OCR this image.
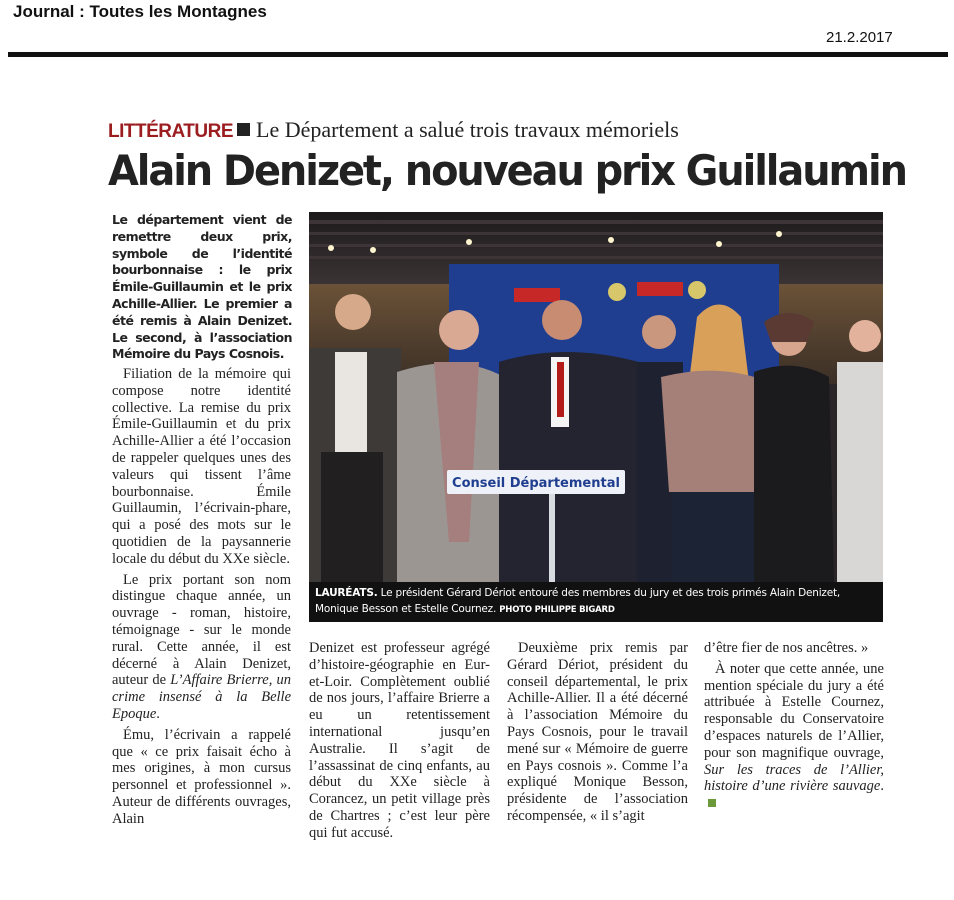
Journal : Toutes les Montagnes
21.2.2017
LITTÉRATURE Le Département a salué trois travaux mémoriels
Alain Denizet, nouveau prix Guillaumin
Le département vient de remettre deux prix, symbole de l’identité bourbonnaise : le prix Émile-Guillaumin et le prix Achille-Allier. Le premier a été remis à Alain Denizet. Le second, à l’association Mémoire du Pays Cosnois.
Conseil Départemental
LAURÉATS. Le président Gérard Dériot entouré des membres du jury et des trois primés Alain Denizet, Monique Besson et Estelle Cournez. PHOTO PHILIPPE BIGARD

Filiation de la mémoire qui compose notre identité collective. La remise du prix Émile-Guillaumin et du prix Achille-Allier a été l’occasion de rappeler quelques unes des valeurs qui tissent l’âme bourbonnaise. Émile Guillaumin, l’écrivain-phare, qui a posé des mots sur le quotidien de la paysannerie locale du début du XXe siècle.

Le prix portant son nom distingue chaque année, un ouvrage - roman, histoire, témoignage - sur le monde rural. Cette année, il est décerné à Alain Denizet, auteur de L’Affaire Brierre, un crime insensé à la Belle Epoque.

Ému, l’écrivain a rappelé que « ce prix faisait écho à mes origines, à mon cursus personnel et professionnel ». Auteur de différents ouvrages, Alain

Denizet est professeur agrégé d’histoire-géographie en Eur-et-Loir. Complètement oublié de nos jours, l’affaire Brierre a eu un retentissement international jusqu’en Australie. Il s’agit de l’assassinat de cinq enfants, au début du XXe siècle à Corancez, un petit village près de Chartres ; c’est leur père qui fut accusé.

Deuxième prix remis par Gérard Dériot, président du conseil départemental, le prix Achille-Allier. Il a été décerné à l’association Mémoire du Pays Cosnois, pour le travail mené sur « Mémoire de guerre en Pays cosnois ». Comme l’a expliqué Monique Besson, présidente de l’association récompensée, « il s’agit

d’être fier de nos ancêtres. »

À noter que cette année, une mention spéciale du jury a été attribuée à Estelle Cournez, responsable du Conservatoire d’espaces naturels de l’Allier, pour son magnifique ouvrage, Sur les traces de l’Allier, histoire d’une rivière sauvage.
